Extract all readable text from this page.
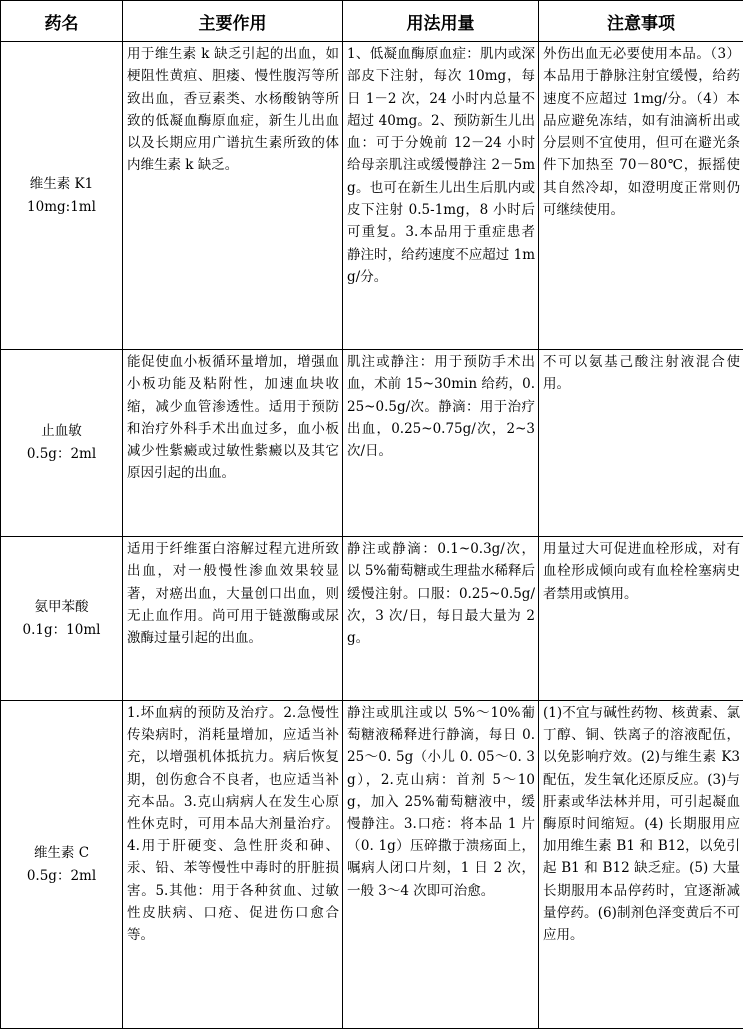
药名	主要作用	用法用量	注意事项

维生素 K1
10mg:1ml	用于维生素 k 缺乏引起的出血，如梗阻性黄疸、胆瘘、慢性腹泻等所致出血，香豆素类、水杨酸钠等所致的低凝血酶原血症，新生儿出血以及长期应用广谱抗生素所致的体内维生素 k 缺乏。	1、低凝血酶原血症：肌内或深部皮下注射，每次 10mg，每日 1－2 次，24 小时内总量不超过 40mg。2、预防新生儿出血：可于分娩前 12－24 小时给母亲肌注或缓慢静注 2－5mg。也可在新生儿出生后肌内或皮下注射 0.5-1mg，8 小时后可重复。3.本品用于重症患者静注时，给药速度不应超过 1mg/分。	外伤出血无必要使用本品。（3）本品用于静脉注射宜缓慢，给药速度不应超过 1mg/分。（4）本品应避免冻结，如有油滴析出或分层则不宜使用，但可在避光条件下加热至 70－80℃，振摇使其自然冷却，如澄明度正常则仍可继续使用。

止血敏
0.5g：2ml	能促使血小板循环量增加，增强血小板功能及粘附性，加速血块收缩，减少血管渗透性。适用于预防和治疗外科手术出血过多，血小板减少性紫癜或过敏性紫癜以及其它原因引起的出血。	肌注或静注：用于预防手术出血，术前 15~30min 给药，0.25~0.5g/次。静滴：用于治疗出血，0.25~0.75g/次，2~3 次/日。	不可以氨基己酸注射液混合使用。

氨甲苯酸
0.1g：10ml	适用于纤维蛋白溶解过程亢进所致出血，对一般慢性渗血效果较显著，对癌出血，大量创口出血，则无止血作用。尚可用于链激酶或尿激酶过量引起的出血。	静注或静滴：0.1~0.3g/次，以 5%葡萄糖或生理盐水稀释后缓慢注射。口服：0.25~0.5g/次，3 次/日，每日最大量为 2g。	用量过大可促进血栓形成，对有血栓形成倾向或有血栓栓塞病史者禁用或慎用。

维生素 C
0.5g：2ml	1.坏血病的预防及治疗。2.急慢性传染病时，消耗量增加，应适当补充，以增强机体抵抗力。病后恢复期，创伤愈合不良者，也应适当补充本品。3.克山病病人在发生心原性休克时，可用本品大剂量治疗。4.用于肝硬变、急性肝炎和砷、汞、铅、苯等慢性中毒时的肝脏损害。5.其他：用于各种贫血、过敏性皮肤病、口疮、促进伤口愈合等。	静注或肌注或以 5%～10%葡萄糖液稀释进行静滴，每日 0. 25～0. 5g（小儿 0. 05～0. 3g），2.克山病：首剂 5～10g，加入 25%葡萄糖液中，缓慢静注。3.口疮：将本品 1 片（0. 1g）压碎撒于溃疡面上，嘱病人闭口片刻，1 日 2 次，一般 3～4 次即可治愈。	(1)不宜与碱性药物、核黄素、氯丁醇、铜、铁离子的溶液配伍，以免影响疗效。(2)与维生素 K3 配伍，发生氧化还原反应。(3)与肝素或华法林并用，可引起凝血酶原时间缩短。(4) 长期服用应加用维生素 B1 和 B12，以免引起 B1 和 B12 缺乏症。(5) 大量长期服用本品停药时，宜逐渐减量停药。(6)制剂色泽变黄后不可应用。
